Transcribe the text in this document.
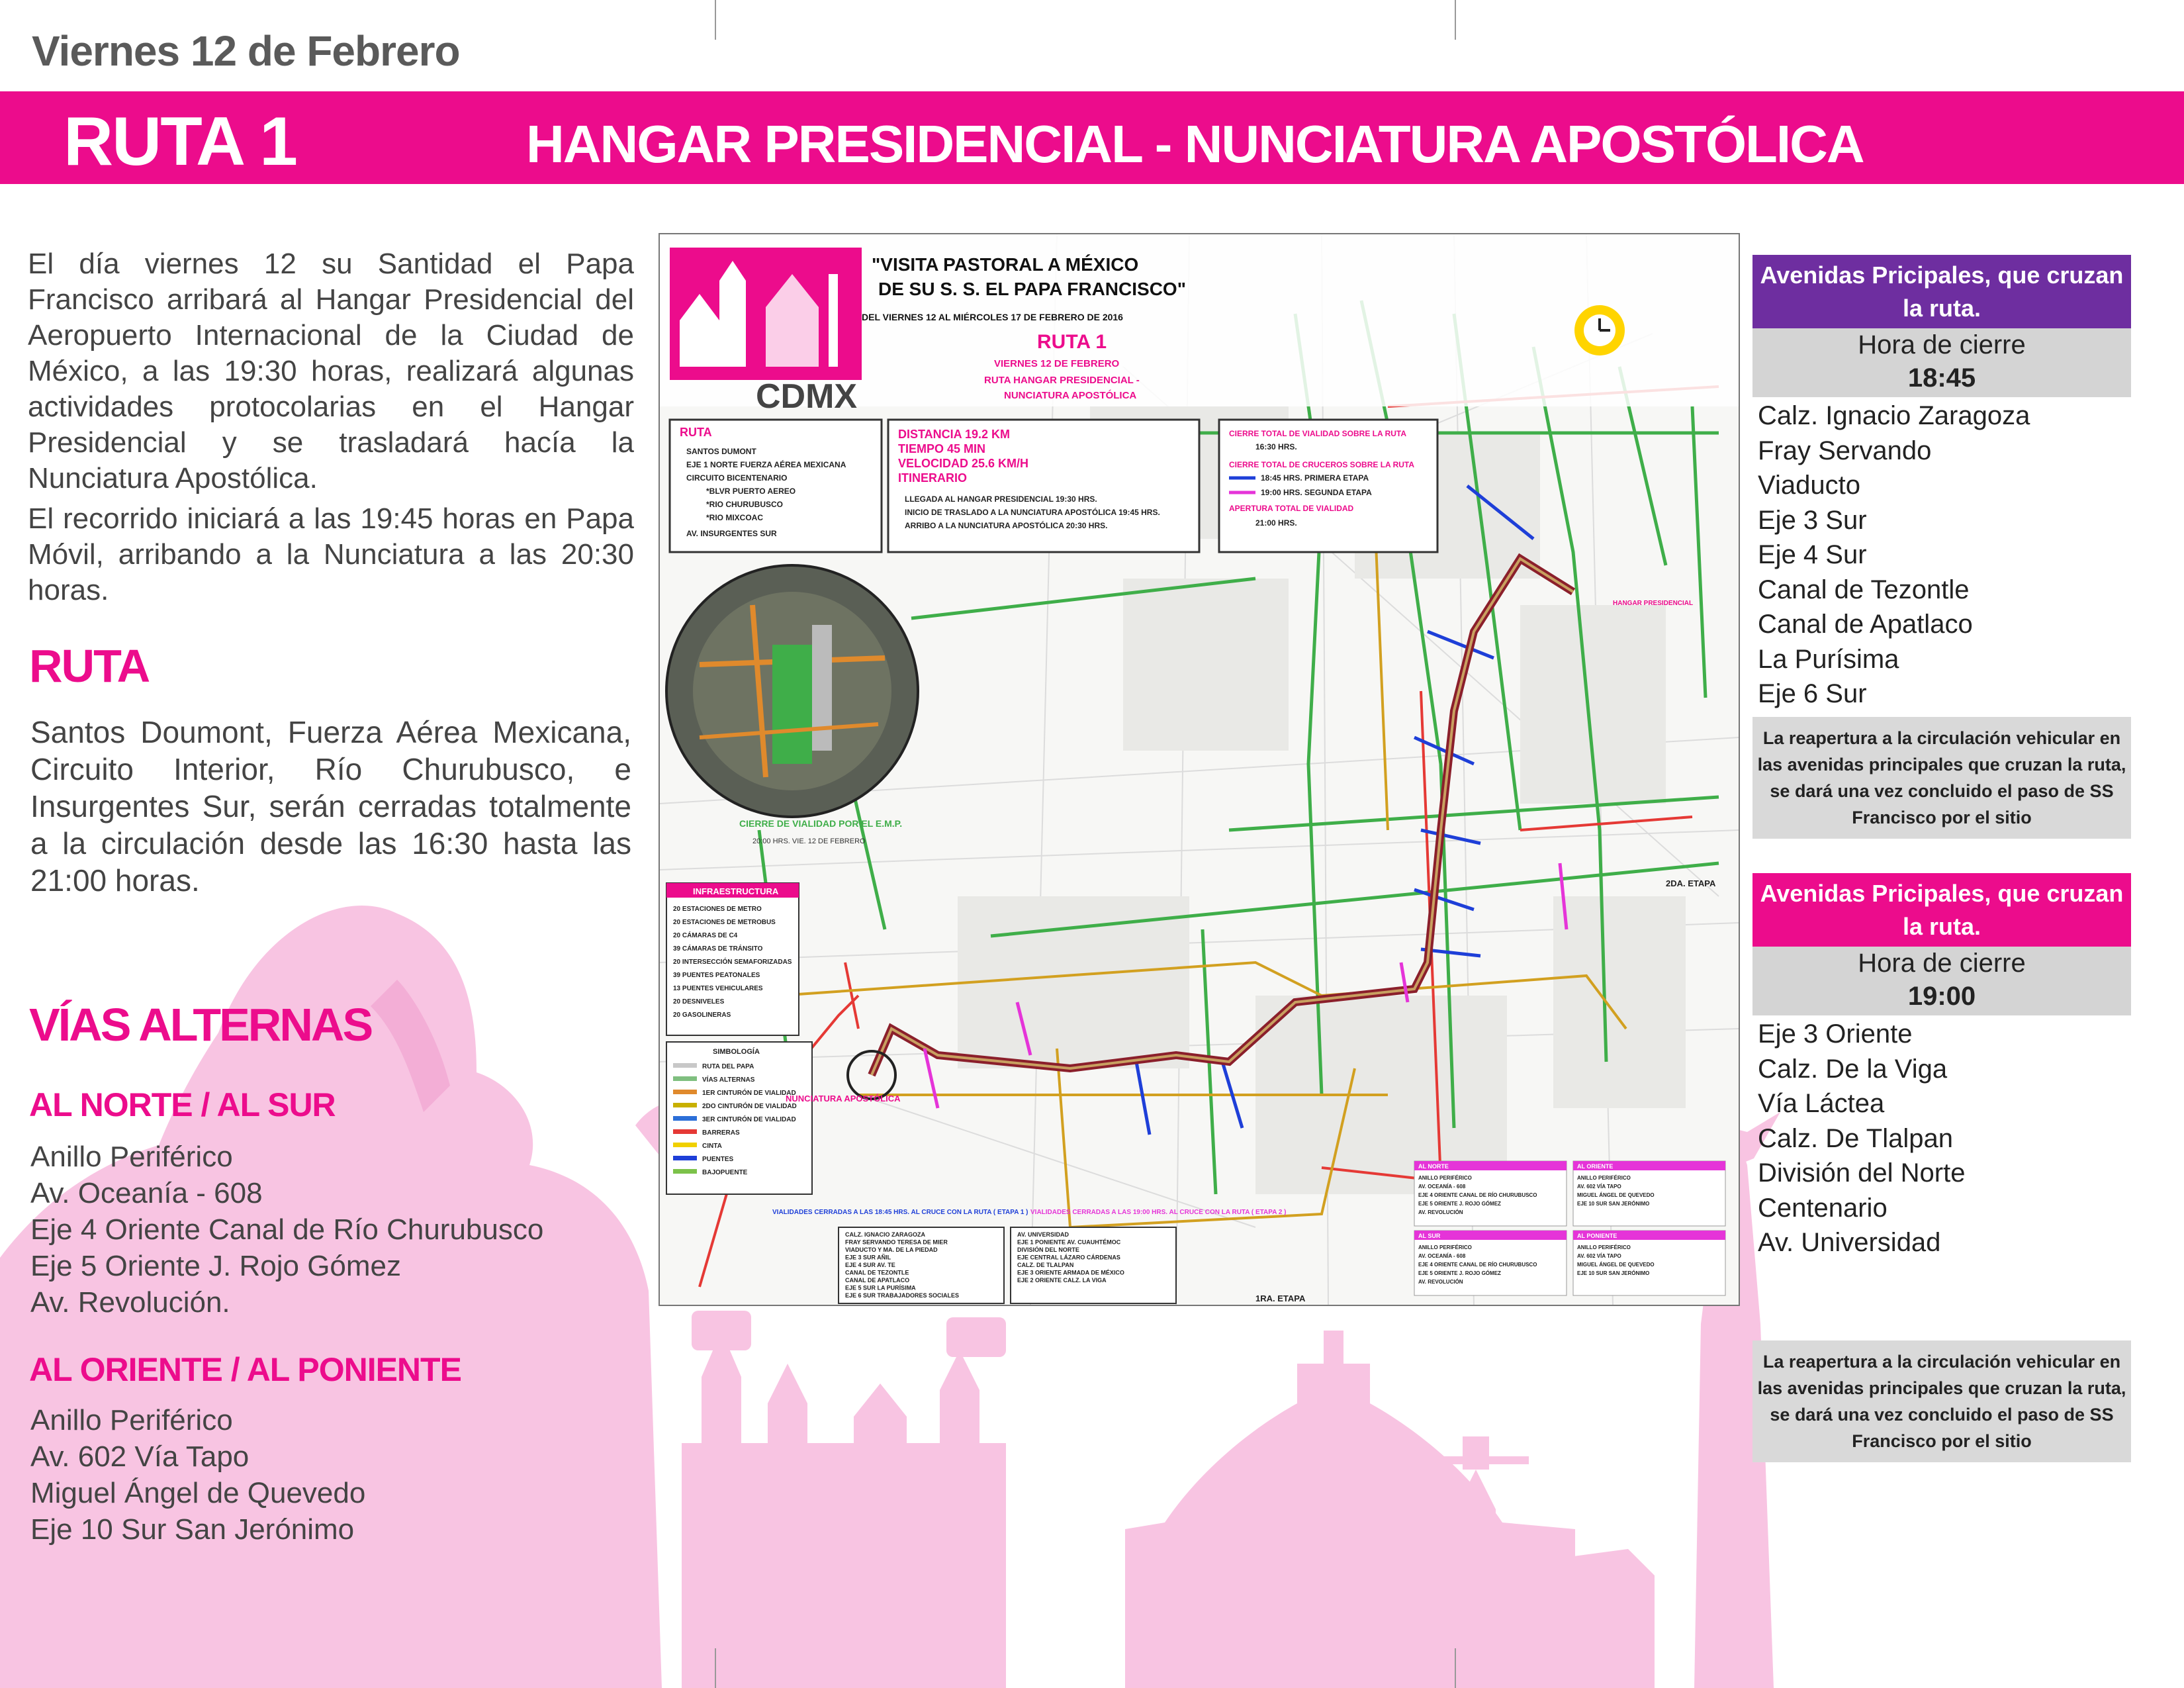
Viernes 12 de Febrero
RUTA 1	HANGAR PRESIDENCIAL - NUNCIATURA APOSTÓLICA
El día viernes 12 su Santidad el Papa Francisco arribará al Hangar Presidencial del Aeropuerto Internacional de la Ciudad de México, a las 19:30 horas, realizará algunas actividades protocolarias en el Hangar Presidencial y se trasladará hacía la Nunciatura Apostólica.
El recorrido iniciará a las 19:45 horas en Papa Móvil, arribando a la Nunciatura a las 20:30 horas.
RUTA
Santos Doumont, Fuerza Aérea Mexicana, Circuito Interior, Río Churubusco, e Insurgentes Sur, serán cerradas totalmente a la circulación desde las 16:30 hasta las 21:00 horas.
VÍAS ALTERNAS
AL NORTE / AL SUR
Anillo Periférico
Av. Oceanía - 608
Eje 4 Oriente Canal de Río Churubusco
Eje 5 Oriente J. Rojo Gómez
Av. Revolución.
AL ORIENTE / AL PONIENTE
Anillo Periférico
Av. 602 Vía Tapo
Miguel Ángel de Quevedo
Eje 10 Sur San Jerónimo
CDMX
"VISITA PASTORAL A MÉXICO
DE SU S. S. EL PAPA FRANCISCO"
DEL VIERNES 12 AL MIÉRCOLES 17 DE FEBRERO DE 2016
RUTA 1
VIERNES 12 DE FEBRERO
RUTA HANGAR PRESIDENCIAL -
NUNCIATURA APOSTÓLICA
RUTA
SANTOS DUMONT
EJE 1 NORTE FUERZA AÉREA MEXICANA
CIRCUITO BICENTENARIO
*BLVR PUERTO AEREO
*RIO CHURUBUSCO
*RIO MIXCOAC
AV. INSURGENTES SUR
DISTANCIA 19.2 KM
TIEMPO 45 MIN
VELOCIDAD 25.6 KM/H
ITINERARIO
LLEGADA AL HANGAR PRESIDENCIAL 19:30 HRS.
INICIO DE TRASLADO A LA NUNCIATURA APOSTÓLICA 19:45 HRS.
ARRIBO A LA NUNCIATURA APOSTÓLICA 20:30 HRS.
CIERRE TOTAL DE VIALIDAD SOBRE LA RUTA
16:30 HRS.
CIERRE TOTAL DE CRUCEROS SOBRE LA RUTA
18:45 HRS. PRIMERA ETAPA
19:00 HRS. SEGUNDA ETAPA
APERTURA TOTAL DE VIALIDAD
21:00 HRS.
CIERRE DE VIALIDAD POR EL E.M.P.
20:00 HRS. VIE. 12 DE FEBRERO
INFRAESTRUCTURA
20 ESTACIONES DE METRO
20 ESTACIONES DE METROBUS
20 CÁMARAS DE C4
39 CÁMARAS DE TRÁNSITO
20 INTERSECCIÓN SEMAFORIZADAS
39 PUENTES PEATONALES
13 PUENTES VEHICULARES
20 DESNIVELES
20 GASOLINERAS
SIMBOLOGÍA
RUTA DEL PAPA
VÍAS ALTERNAS
1ER CINTURÓN DE VIALIDAD
2DO CINTURÓN DE VIALIDAD
3ER CINTURÓN DE VIALIDAD
BARRERAS
CINTA
PUENTES
BAJOPUENTE
NUNCIATURA APOSTÓLICA
HANGAR PRESIDENCIAL
1RA. ETAPA
2DA. ETAPA
VIALIDADES CERRADAS A LAS 18:45 HRS. AL CRUCE CON LA RUTA ( ETAPA 1 )
CALZ. IGNACIO ZARAGOZA
FRAY SERVANDO TERESA DE MIER
VIADUCTO Y MA. DE LA PIEDAD
EJE 3 SUR AÑIL
EJE 4 SUR AV. TE
CANAL DE TEZONTLE
CANAL DE APATLACO
EJE 5 SUR LA PURÍSIMA
EJE 6 SUR TRABAJADORES SOCIALES
VIALIDADES CERRADAS A LAS 19:00 HRS. AL CRUCE CON LA RUTA ( ETAPA 2 )
AV. UNIVERSIDAD
EJE 1 PONIENTE AV. CUAUHTÉMOC
DIVISIÓN DEL NORTE
EJE CENTRAL LÁZARO CÁRDENAS
CALZ. DE TLALPAN
EJE 3 ORIENTE ARMADA DE MÉXICO
EJE 2 ORIENTE CALZ. LA VIGA
AL NORTE
ANILLO PERIFÉRICO
AV. OCEANÍA - 608
EJE 4 ORIENTE CANAL DE RÍO CHURUBUSCO
EJE 5 ORIENTE J. ROJO GÓMEZ
AV. REVOLUCIÓN
AL ORIENTE
ANILLO PERIFÉRICO
AV. 602 VÍA TAPO
MIGUEL ÁNGEL DE QUEVEDO
EJE 10 SUR SAN JERÓNIMO
AL SUR
ANILLO PERIFÉRICO
AV. OCEANÍA - 608
EJE 4 ORIENTE CANAL DE RÍO CHURUBUSCO
EJE 5 ORIENTE J. ROJO GÓMEZ
AV. REVOLUCIÓN
AL PONIENTE
ANILLO PERIFÉRICO
AV. 602 VÍA TAPO
MIGUEL ÁNGEL DE QUEVEDO
EJE 10 SUR SAN JERÓNIMO
Avenidas Pricipales, que cruzan la ruta.
Hora de cierre
18:45
Calz. Ignacio Zaragoza
Fray Servando
Viaducto
Eje 3 Sur
Eje 4 Sur
Canal de Tezontle
Canal de Apatlaco
La Purísima
Eje 6 Sur
La reapertura a la circulación vehicular en las avenidas principales que cruzan la ruta, se dará una vez concluido el paso de SS Francisco por el sitio
Avenidas Pricipales, que cruzan la ruta.
Hora de cierre
19:00
Eje 3 Oriente
Calz. De la Viga
Vía Láctea
Calz. De Tlalpan
División del Norte
Centenario
Av. Universidad
La reapertura a la circulación vehicular en las avenidas principales que cruzan la ruta, se dará una vez concluido el paso de SS Francisco por el sitio
